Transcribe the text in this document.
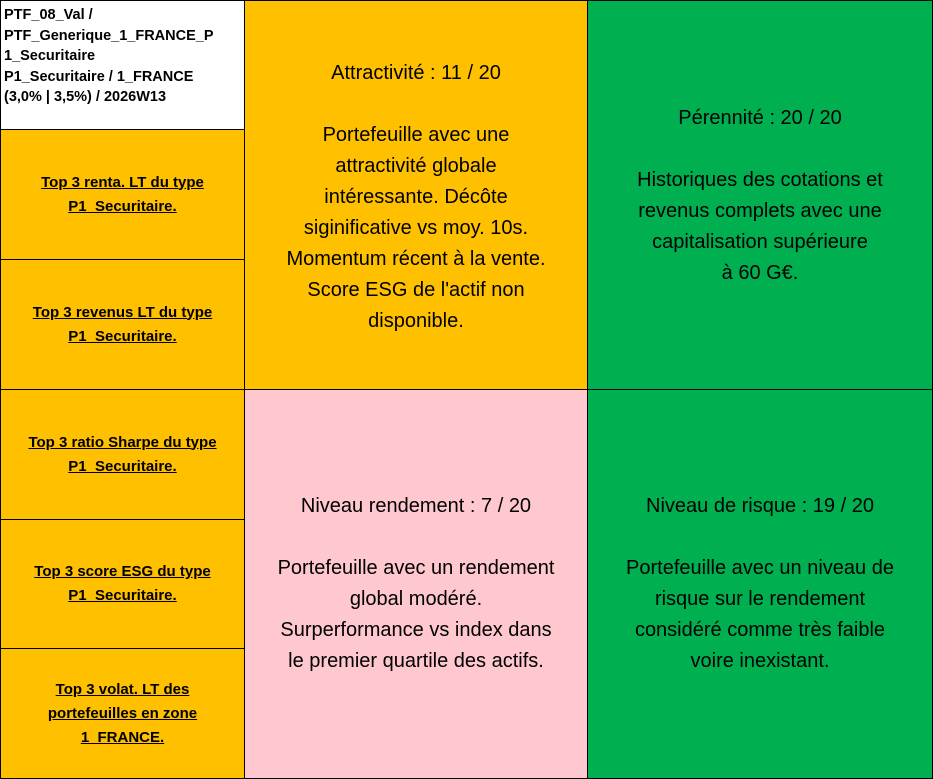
PTF_08_Val /
PTF_Generique_1_FRANCE_P
1_Securitaire
P1_Securitaire / 1_FRANCE
(3,0% | 3,5%) / 2026W13
Top 3 renta. LT du type
P1_Securitaire.
Top 3 revenus LT du type
P1_Securitaire.
Top 3 ratio Sharpe du type
P1_Securitaire.
Top 3 score ESG du type
P1_Securitaire.
Top 3 volat. LT des
portefeuilles en zone
1_FRANCE.
Attractivité : 11 / 20
Portefeuille avec une
attractivité globale
intéressante. Décôte
siginificative vs moy. 10s.
Momentum récent à la vente.
Score ESG de l'actif non
disponible.
Pérennité : 20 / 20
Historiques des cotations et
revenus complets avec une
capitalisation supérieure
à 60 G€.
Niveau rendement : 7 / 20
Portefeuille avec un rendement
global modéré.
Surperformance vs index dans
le premier quartile des actifs.
Niveau de risque : 19 / 20
Portefeuille avec un niveau de
risque sur le rendement
considéré comme très faible
voire inexistant.
